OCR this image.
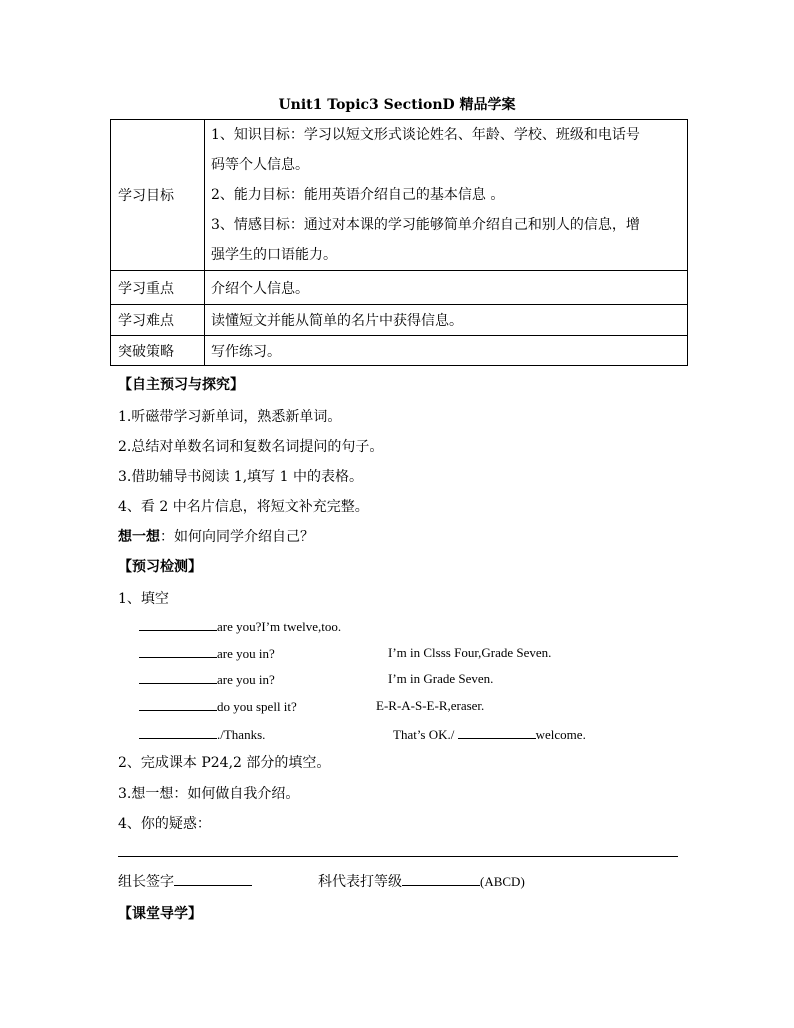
Unit1 Topic3 SectionD 精品学案
学习目标	1、知识目标：学习以短文形式谈论姓名、年龄、学校、班级和电话号
码等个人信息。
2、能力目标：能用英语介绍自己的基本信息 。
3、情感目标：通过对本课的学习能够简单介绍自己和别人的信息，增
强学生的口语能力。

学习重点	介绍个人信息。
学习难点	读懂短文并能从简单的名片中获得信息。
突破策略	写作练习。
【自主预习与探究】
1.听磁带学习新单词，熟悉新单词。
2.总结对单数名词和复数名词提问的句子。
3.借助辅导书阅读 1,填写 1 中的表格。
4、看 2 中名片信息，将短文补充完整。
想一想：如何向同学介绍自己？
【预习检测】
1、填空
are you?I’m twelve,too.
are you in?	I’m in Clsss Four,Grade Seven.
are you in?	I’m in Grade Seven.
do you spell it?	E-R-A-S-E-R,eraser.
./Thanks.	That’s OK./	welcome.
2、完成课本 P24,2 部分的填空。
3.想一想：如何做自我介绍。
4、你的疑惑：
组长签字	科代表打等级	(ABCD)
【课堂导学】
